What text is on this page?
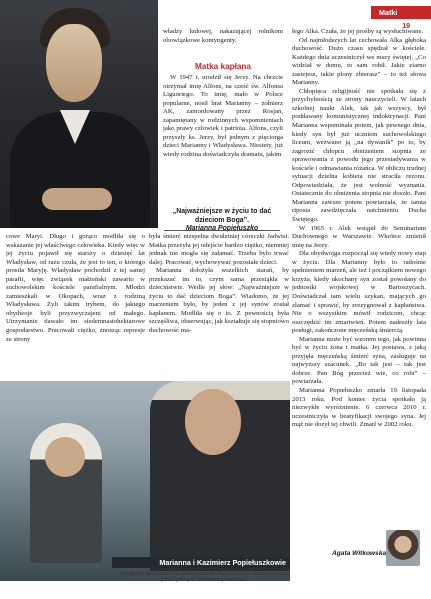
Matki Polki 19

władzy ludowej, nakazującej rolnikom obowiązkowe kontyngenty.

Matka kapłana

W 1947 r. urodził się Jerzy. Na chrzcie otrzymał imię Alfons, na cześć św. Alfonsa Liguoriego. To imię, mało w Polsce popularne, nosił brat Marianny – żołnierz AK, zamordowany przez Rosjan, zapamiętany w rodzinnych wspomnieniach jako prawy człowiek i patriota. Alfons, czyli przyszły ks. Jerzy, był jednym z pięciorga dzieci Marianny i Władysława. Niestety, już wtedy rodzina doświadczyła dramatu, jakim

„Najważniejsze w życiu to dać dzieciom Boga”.
Marianna Popiełuszko

cowe Maryi. Długo i gorąco modliła się o wskazanie jej właściwego człowieka. Kiedy więc w jej życiu pojawił się starszy o dziesięć lat Władysław, od razu czuła, że jest to ten, o którego prosiła Maryję. Władysław pochodził z tej samej parafii, więc związek małżeński zawarto w suchowolskim kościele parafialnym. Młodzi zamieszkali w Okopach, wraz z rodziną Władysława. Żyli takim trybem, do jakiego obydwoje byli przyzwyczajeni od małego. Utrzymanie dawało im siedemnastohektarowe gospodarstwo. Pracowali ciężko, znosząc represje ze strony

była śmierć niespełna dwuletniej córeczki Jadwisi. Matka przeżyła jej odejście bardzo ciężko, niemniej jednak nie mogła się załamać. Trzeba było trwać dalej. Pracować, wychowywać pozostałe dzieci.

Marianna dołożyła wszelkich starań, by przekazać im to, czym sama przesiąkła w dzieciństwie. Wedle jej słów: „Najważniejsze w życiu to dać dzieciom Boga”. Wiadomo, że jej marzeniem było, by jeden z jej synów został kapłanem. Modliła się o to. Z pewnością była szczęśliwa, obserwując, jak kształtuje się stopniowo duchowość ma-

łego Alka. Czuła, że jej prośby są wysłuchiwane.

Od najmłodszych lat cechowała Alka głęboka duchowość. Dużo czasu spędzał w kościele. Każdego dnia uczestniczył we mszy świętej. „Co widział w domu, to sam robił. Jakie ziarno zasiejesz, takie plony zbierasz” – to też słowa Marianny.

Chłopięca religijność nie spotkała się z przychylnością ze strony nauczycieli. W latach szkolnej nauki Alek, tak jak wszyscy, był poddawany komunistycznej indoktrynacji. Pani Marianna wspominała potem, jak pewnego dnia, kiedy syn był już uczniem suchowolskiego liceum, wezwano ją „na dywanik” po to, by zagrozić chłopcu obniżeniem stopnia ze sprawowania z powodu jego przesiadywania w kościele i odmawiania różańca. W obliczu trudnej sytuacji dzielna kobieta nie straciła rezonu. Odpowiedziała, że jest wolność wyznania. Ostatecznie do obniżenia stopnia nie doszło. Pani Marianna zawsze potem powtarzała, że tamta riposta zawdzięczała natchnieniu Ducha Świętego.

W 1965 r. Alek wstąpił do Seminarium Duchownego w Warszawie. Wkrótce zmienił imię na Jerzy.

Dla obydwojga rozpoczął się wtedy nowy etap w życiu. Dla Marianny było to radośnie spełnieniem marzeń, ale też i początkiem nowego krzyża, kiedy ukochany syn został powołany do jednostki wojskowej w Bartoszycach. Doświadczał tam wielu szykan, mających go złamać i sprawić, by zrezygnował z kapłaństwa. Nie o wszystkim mówił rodzicom, chcąc oszczędzić im zmartwień. Potem nadeszły lata posługi, zakończone męczeńską śmiercią.

Marianna może być wzorem tego, jak powinna być w życiu żona i matka. Jej postawa, z jaką przyjęła męczeńską śmierć syna, zasługuje na najwyższy szacunek. „Bo tak jest – tak jest dobrze. Pan Bóg przecież wie, co robi” – powtarzała.

Marianna Popiełuszko zmarła 19 listopada 2013 roku. Pod koniec życia spotkało ją niezwykłe wyróżnienie. 6 czerwca 2010 r. uczestniczyła w beatyfikacji swojego syna. Jej mąż nie dożył tej chwili. Zmarł w 2002 roku.

Marianna i Kazimierz Popiełuszkowie
Fotografie pochodzą z archiwum rodziny Popiełuszków, udostępnionego przez panią dr. Robertową Zaduraść.
Agata Witkowska
